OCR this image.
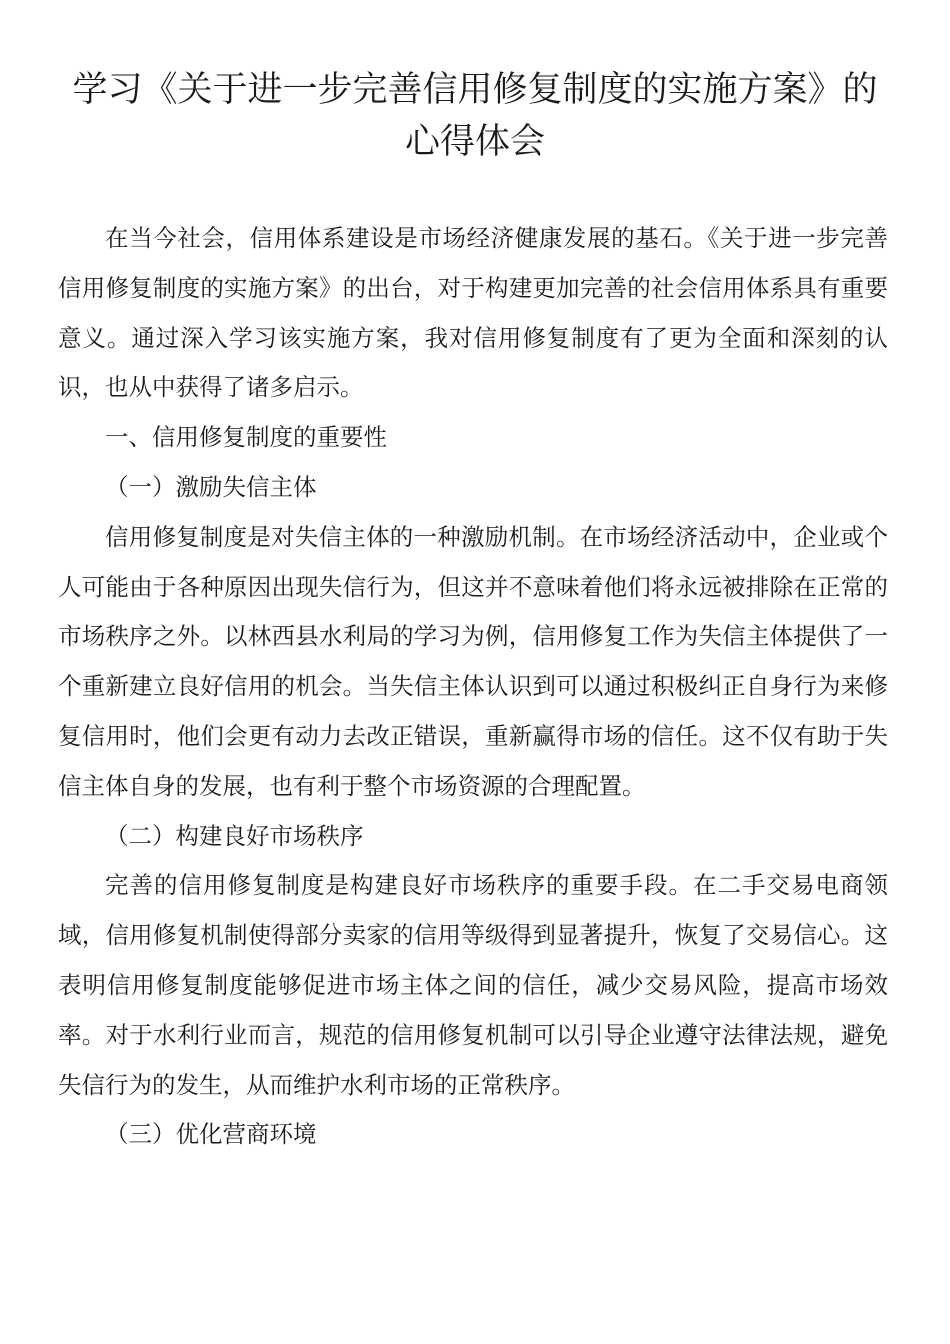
学习《关于进一步完善信用修复制度的实施方案》的
心得体会

在当今社会，信用体系建设是市场经济健康发展的基石。《关于进一步完善信用修复制度的实施方案》的出台，对于构建更加完善的社会信用体系具有重要意义。通过深入学习该实施方案，我对信用修复制度有了更为全面和深刻的认识，也从中获得了诸多启示。

一、信用修复制度的重要性

（一）激励失信主体

信用修复制度是对失信主体的一种激励机制。在市场经济活动中，企业或个人可能由于各种原因出现失信行为，但这并不意味着他们将永远被排除在正常的市场秩序之外。以林西县水利局的学习为例，信用修复工作为失信主体提供了一个重新建立良好信用的机会。当失信主体认识到可以通过积极纠正自身行为来修复信用时，他们会更有动力去改正错误，重新赢得市场的信任。这不仅有助于失信主体自身的发展，也有利于整个市场资源的合理配置。

（二）构建良好市场秩序

完善的信用修复制度是构建良好市场秩序的重要手段。在二手交易电商领域，信用修复机制使得部分卖家的信用等级得到显著提升，恢复了交易信心。这表明信用修复制度能够促进市场主体之间的信任，减少交易风险，提高市场效率。对于水利行业而言，规范的信用修复机制可以引导企业遵守法律法规，避免失信行为的发生，从而维护水利市场的正常秩序。

（三）优化营商环境
